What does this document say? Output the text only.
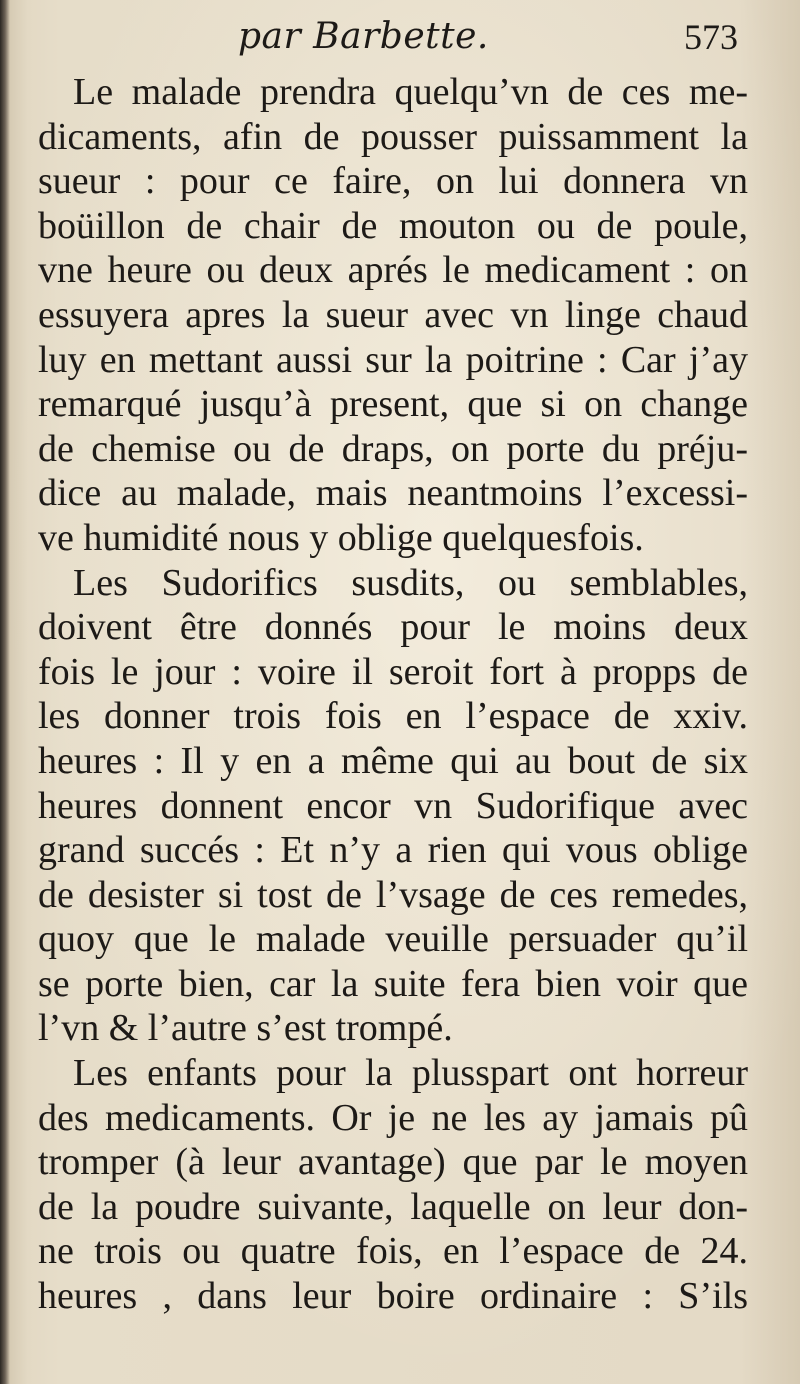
par Barbette.	573
Le malade prendra quelqu’vn de ces me-
dicaments, afin de pousser puissamment la
sueur : pour ce faire, on lui donnera vn
boüillon de chair de mouton ou de poule,
vne heure ou deux aprés le medicament : on
essuyera apres la sueur avec vn linge chaud
luy en mettant aussi sur la poitrine : Car j’ay
remarqué jusqu’à present, que si on change
de chemise ou de draps, on porte du préju-
dice au malade, mais neantmoins l’excessi-
ve humidité nous y oblige quelquesfois.
Les Sudorifics susdits, ou semblables,
doivent être donnés pour le moins deux
fois le jour : voire il seroit fort à propps de
les donner trois fois en l’espace de xxiv.
heures : Il y en a même qui au bout de six
heures donnent encor vn Sudorifique avec
grand succés : Et n’y a rien qui vous oblige
de desister si tost de l’vsage de ces remedes,
quoy que le malade veuille persuader qu’il
se porte bien, car la suite fera bien voir que
l’vn & l’autre s’est trompé.
Les enfants pour la plusspart ont horreur
des medicaments. Or je ne les ay jamais pû
tromper (à leur avantage) que par le moyen
de la poudre suivante, laquelle on leur don-
ne trois ou quatre fois, en l’espace de 24.
heures , dans leur boire ordinaire : S’ils
